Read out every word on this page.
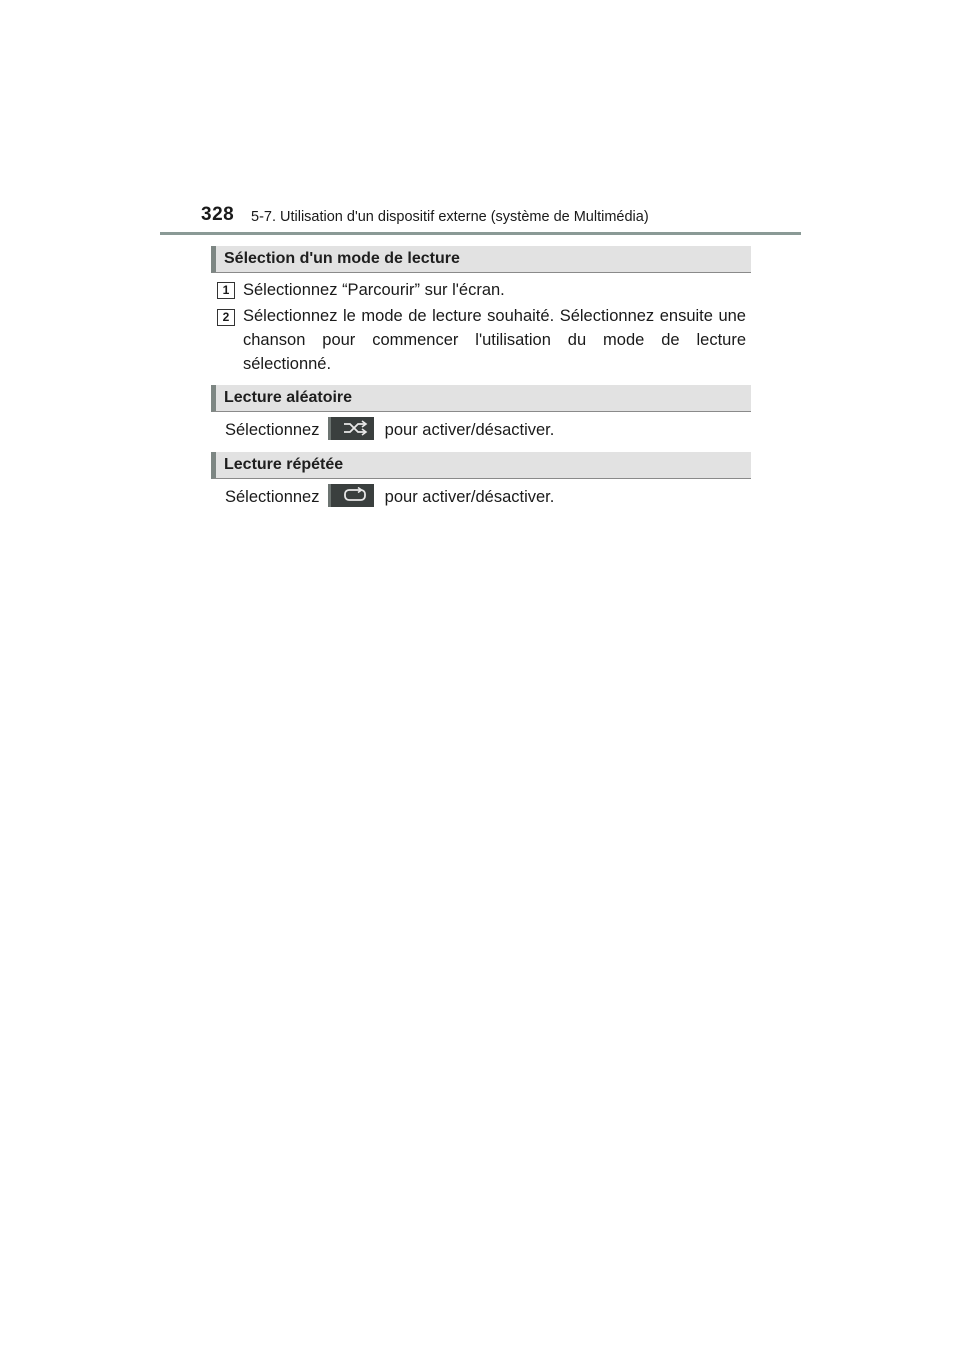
328 5-7. Utilisation d'un dispositif externe (système de Multimédia)
Sélection d'un mode de lecture
1 Sélectionnez “Parcourir” sur l'écran.
2 Sélectionnez le mode de lecture souhaité. Sélectionnez ensuite une chanson pour commencer l'utilisation du mode de lecture sélectionné.
Lecture aléatoire
Sélectionnez	pour activer/désactiver.
Lecture répétée
Sélectionnez	pour activer/désactiver.
